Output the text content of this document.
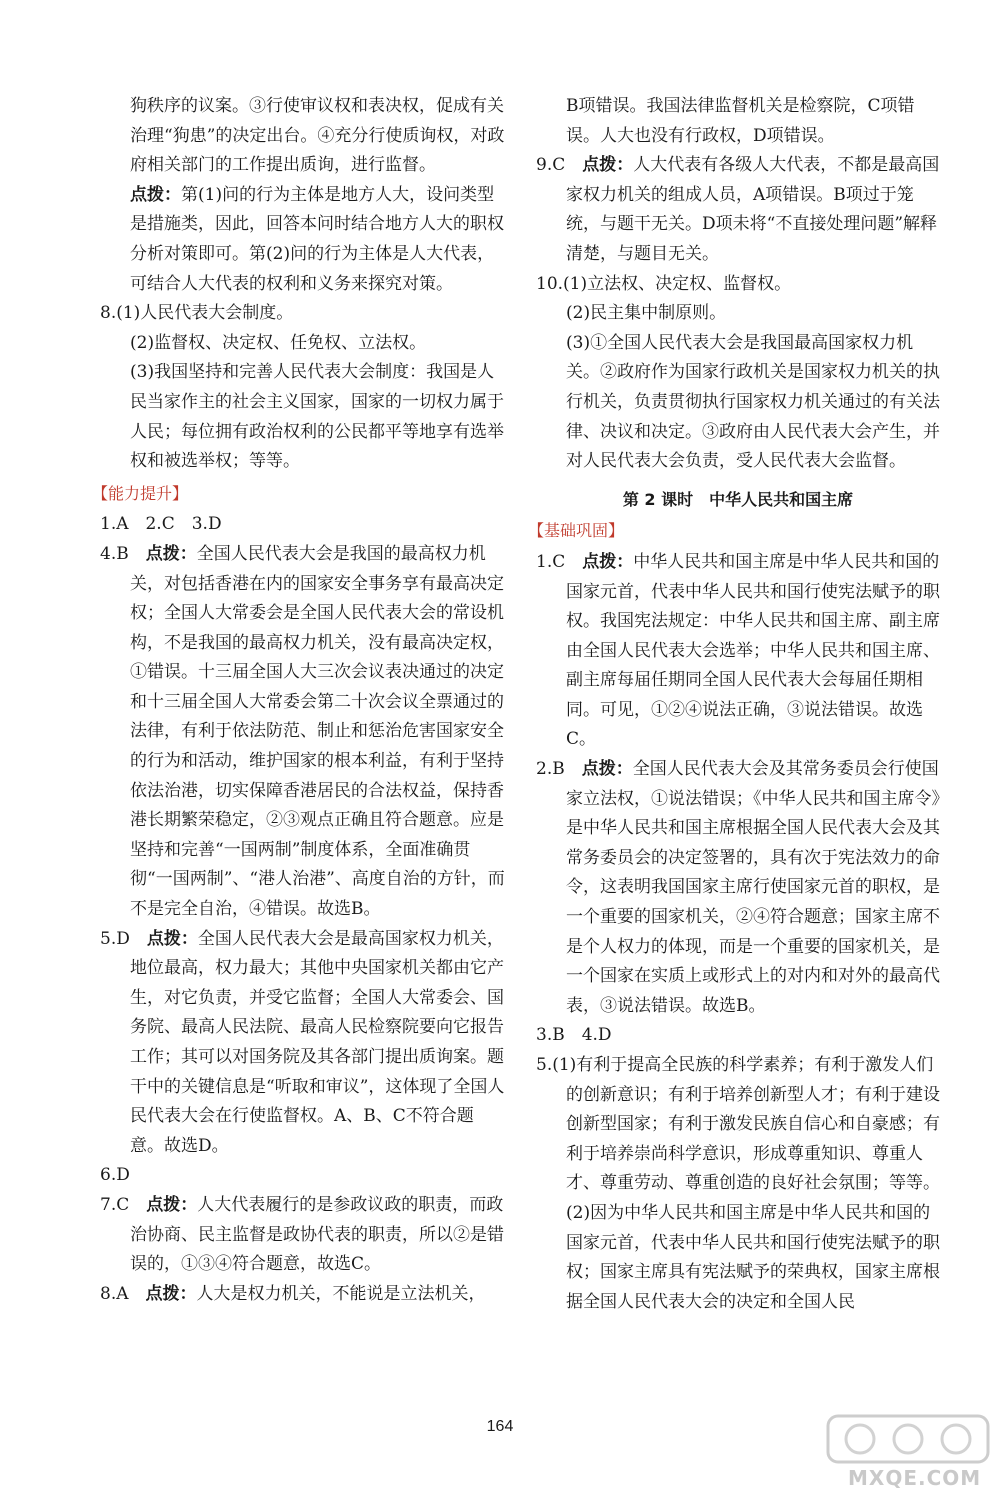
狗秩序的议案。③行使审议权和表决权，促成有关治理“狗患”的决定出台。④充分行使质询权，对政府相关部门的工作提出质询，进行监督。

点拨：第(1)问的行为主体是地方人大，设问类型是措施类，因此，回答本问时结合地方人大的职权分析对策即可。第(2)问的行为主体是人大代表，可结合人大代表的权利和义务来探究对策。

8.(1)人民代表大会制度。

(2)监督权、决定权、任免权、立法权。

(3)我国坚持和完善人民代表大会制度：我国是人民当家作主的社会主义国家，国家的一切权力属于人民；每位拥有政治权利的公民都平等地享有选举权和被选举权；等等。

【能力提升】

1.A　2.C　3.D

4.B　点拨：全国人民代表大会是我国的最高权力机关，对包括香港在内的国家安全事务享有最高决定权；全国人大常委会是全国人民代表大会的常设机构，不是我国的最高权力机关，没有最高决定权，①错误。十三届全国人大三次会议表决通过的决定和十三届全国人大常委会第二十次会议全票通过的法律，有利于依法防范、制止和惩治危害国家安全的行为和活动，维护国家的根本利益，有利于坚持依法治港，切实保障香港居民的合法权益，保持香港长期繁荣稳定，②③观点正确且符合题意。应是坚持和完善“一国两制”制度体系，全面准确贯彻“一国两制”、“港人治港”、高度自治的方针，而不是完全自治，④错误。故选B。

5.D　点拨：全国人民代表大会是最高国家权力机关，地位最高，权力最大；其他中央国家机关都由它产生，对它负责，并受它监督；全国人大常委会、国务院、最高人民法院、最高人民检察院要向它报告工作；其可以对国务院及其各部门提出质询案。题干中的关键信息是“听取和审议”，这体现了全国人民代表大会在行使监督权。A、B、C不符合题意。故选D。

6.D

7.C　点拨：人大代表履行的是参政议政的职责，而政治协商、民主监督是政协代表的职责，所以②是错误的，①③④符合题意，故选C。

8.A　点拨：人大是权力机关，不能说是立法机关，

B项错误。我国法律监督机关是检察院，C项错误。人大也没有行政权，D项错误。

9.C　点拨：人大代表有各级人大代表，不都是最高国家权力机关的组成人员，A项错误。B项过于笼统，与题干无关。D项未将“不直接处理问题”解释清楚，与题目无关。

10.(1)立法权、决定权、监督权。

(2)民主集中制原则。

(3)①全国人民代表大会是我国最高国家权力机关。②政府作为国家行政机关是国家权力机关的执行机关，负责贯彻执行国家权力机关通过的有关法律、决议和决定。③政府由人民代表大会产生，并对人民代表大会负责，受人民代表大会监督。

第 2 课时　中华人民共和国主席
【基础巩固】

1.C　点拨：中华人民共和国主席是中华人民共和国的国家元首，代表中华人民共和国行使宪法赋予的职权。我国宪法规定：中华人民共和国主席、副主席由全国人民代表大会选举；中华人民共和国主席、副主席每届任期同全国人民代表大会每届任期相同。可见，①②④说法正确，③说法错误。故选C。

2.B　点拨：全国人民代表大会及其常务委员会行使国家立法权，①说法错误；《中华人民共和国主席令》是中华人民共和国主席根据全国人民代表大会及其常务委员会的决定签署的，具有次于宪法效力的命令，这表明我国国家主席行使国家元首的职权，是一个重要的国家机关，②④符合题意；国家主席不是个人权力的体现，而是一个重要的国家机关，是一个国家在实质上或形式上的对内和对外的最高代表，③说法错误。故选B。

3.B　4.D

5.(1)有利于提高全民族的科学素养；有利于激发人们的创新意识；有利于培养创新型人才；有利于建设创新型国家；有利于激发民族自信心和自豪感；有利于培养崇尚科学意识，形成尊重知识、尊重人才、尊重劳动、尊重创造的良好社会氛围；等等。

(2)因为中华人民共和国主席是中华人民共和国的国家元首，代表中华人民共和国行使宪法赋予的职权；国家主席具有宪法赋予的荣典权，国家主席根据全国人民代表大会的决定和全国人民

164
MXQE.COM
